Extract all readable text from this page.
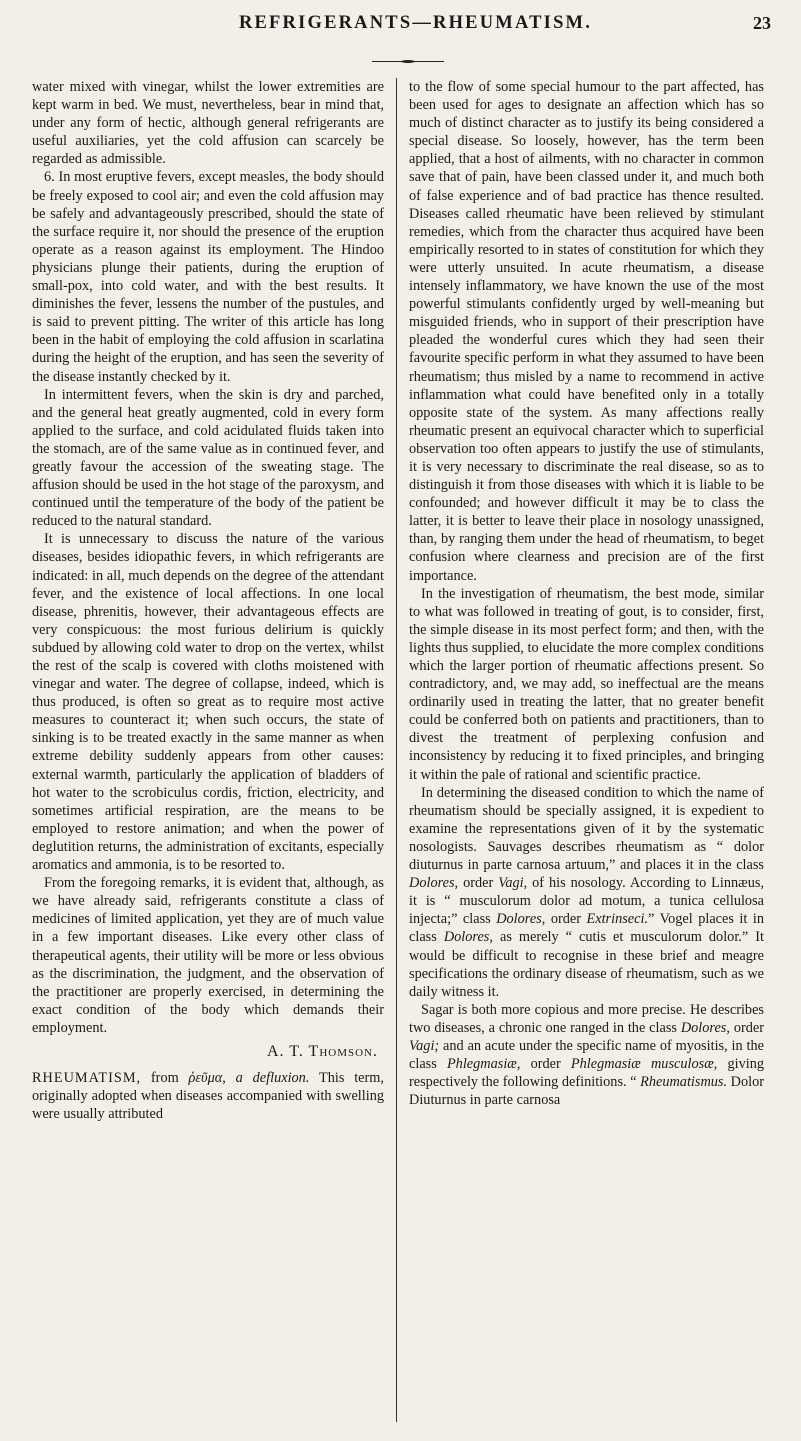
REFRIGERANTS—RHEUMATISM.	23

water mixed with vinegar, whilst the lower extremities are kept warm in bed. We must, nevertheless, bear in mind that, under any form of hectic, although general refrigerants are useful auxiliaries, yet the cold affusion can scarcely be regarded as admissible.

6. In most eruptive fevers, except measles, the body should be freely exposed to cool air; and even the cold affusion may be safely and advantageously prescribed, should the state of the surface require it, nor should the presence of the eruption operate as a reason against its employment. The Hindoo physicians plunge their patients, during the eruption of small-pox, into cold water, and with the best results. It diminishes the fever, lessens the number of the pustules, and is said to prevent pitting. The writer of this article has long been in the habit of employing the cold affusion in scarlatina during the height of the eruption, and has seen the severity of the disease instantly checked by it.

In intermittent fevers, when the skin is dry and parched, and the general heat greatly augmented, cold in every form applied to the surface, and cold acidulated fluids taken into the stomach, are of the same value as in continued fever, and greatly favour the accession of the sweating stage. The affusion should be used in the hot stage of the paroxysm, and continued until the temperature of the body of the patient be reduced to the natural standard.

It is unnecessary to discuss the nature of the various diseases, besides idiopathic fevers, in which refrigerants are indicated: in all, much depends on the degree of the attendant fever, and the existence of local affections. In one local disease, phrenitis, however, their advantageous effects are very conspicuous: the most furious delirium is quickly subdued by allowing cold water to drop on the vertex, whilst the rest of the scalp is covered with cloths moistened with vinegar and water. The degree of collapse, indeed, which is thus produced, is often so great as to require most active measures to counteract it; when such occurs, the state of sinking is to be treated exactly in the same manner as when extreme debility suddenly appears from other causes: external warmth, particularly the application of bladders of hot water to the scrobiculus cordis, friction, electricity, and sometimes artificial respiration, are the means to be employed to restore animation; and when the power of deglutition returns, the administration of excitants, especially aromatics and ammonia, is to be resorted to.

From the foregoing remarks, it is evident that, although, as we have already said, refrigerants constitute a class of medicines of limited application, yet they are of much value in a few important diseases. Like every other class of therapeutical agents, their utility will be more or less obvious as the discrimination, the judgment, and the observation of the practitioner are properly exercised, in determining the exact condition of the body which demands their employment.

A. T. Thomson.

RHEUMATISM, from ῥεῦμα, a defluxion. This term, originally adopted when diseases accompanied with swelling were usually attributed

to the flow of some special humour to the part affected, has been used for ages to designate an affection which has so much of distinct character as to justify its being considered a special disease. So loosely, however, has the term been applied, that a host of ailments, with no character in common save that of pain, have been classed under it, and much both of false experience and of bad practice has thence resulted. Diseases called rheumatic have been relieved by stimulant remedies, which from the character thus acquired have been empirically resorted to in states of constitution for which they were utterly unsuited. In acute rheumatism, a disease intensely inflammatory, we have known the use of the most powerful stimulants confidently urged by well-meaning but misguided friends, who in support of their prescription have pleaded the wonderful cures which they had seen their favourite specific perform in what they assumed to have been rheumatism; thus misled by a name to recommend in active inflammation what could have benefited only in a totally opposite state of the system. As many affections really rheumatic present an equivocal character which to superficial observation too often appears to justify the use of stimulants, it is very necessary to discriminate the real disease, so as to distinguish it from those diseases with which it is liable to be confounded; and however difficult it may be to class the latter, it is better to leave their place in nosology unassigned, than, by ranging them under the head of rheumatism, to beget confusion where clearness and precision are of the first importance.

In the investigation of rheumatism, the best mode, similar to what was followed in treating of gout, is to consider, first, the simple disease in its most perfect form; and then, with the lights thus supplied, to elucidate the more complex conditions which the larger portion of rheumatic affections present. So contradictory, and, we may add, so ineffectual are the means ordinarily used in treating the latter, that no greater benefit could be conferred both on patients and practitioners, than to divest the treatment of perplexing confusion and inconsistency by reducing it to fixed principles, and bringing it within the pale of rational and scientific practice.

In determining the diseased condition to which the name of rheumatism should be specially assigned, it is expedient to examine the representations given of it by the systematic nosologists. Sauvages describes rheumatism as “ dolor diuturnus in parte carnosa artuum,” and places it in the class Dolores, order Vagi, of his nosology. According to Linnæus, it is “ musculorum dolor ad motum, a tunica cellulosa injecta;” class Dolores, order Extrinseci.” Vogel places it in class Dolores, as merely “ cutis et musculorum dolor.” It would be difficult to recognise in these brief and meagre specifications the ordinary disease of rheumatism, such as we daily witness it.

Sagar is both more copious and more precise. He describes two diseases, a chronic one ranged in the class Dolores, order Vagi; and an acute under the specific name of myositis, in the class Phlegmasiæ, order Phlegmasiæ musculosæ, giving respectively the following definitions. “ Rheumatismus. Dolor Diuturnus in parte carnosa
